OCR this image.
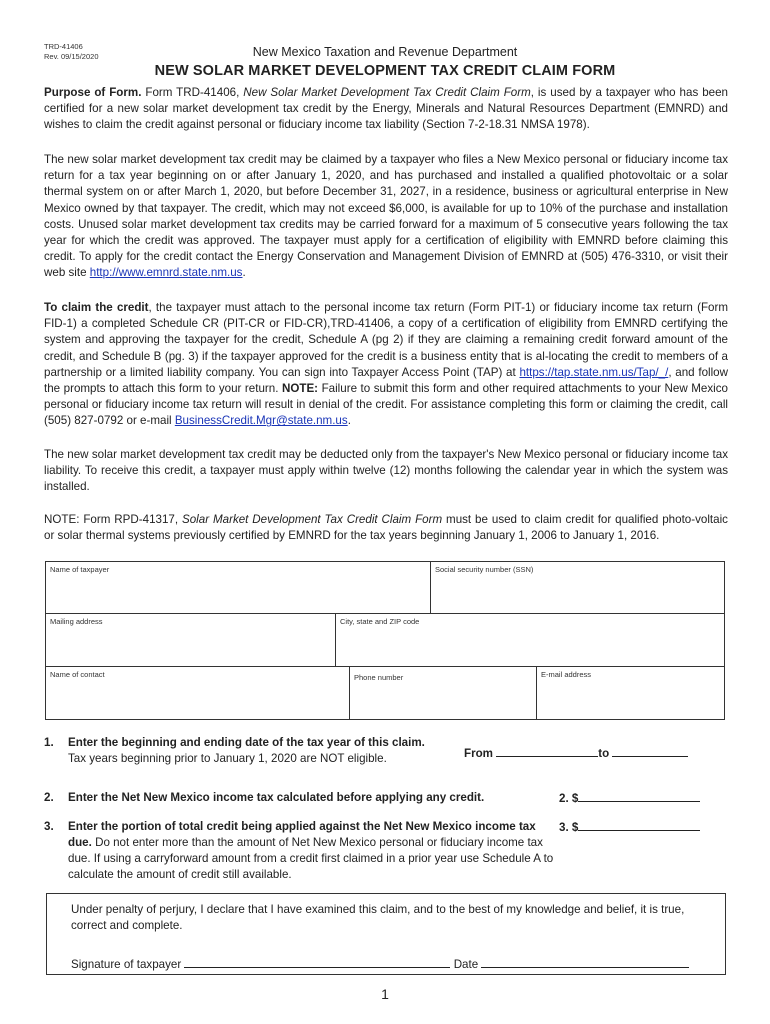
TRD-41406
Rev. 09/15/2020	New Mexico Taxation and Revenue Department
NEW SOLAR MARKET DEVELOPMENT TAX CREDIT CLAIM FORM
Purpose of Form. Form TRD-41406, New Solar Market Development Tax Credit Claim Form, is used by a taxpayer who has been certified for a new solar market development tax credit by the Energy, Minerals and Natural Resources Department (EMNRD) and wishes to claim the credit against personal or fiduciary income tax liability (Section 7-2-18.31 NMSA 1978).
The new solar market development tax credit may be claimed by a taxpayer who files a New Mexico personal or fiduciary income tax return for a tax year beginning on or after January 1, 2020, and has purchased and installed a qualified photovoltaic or a solar thermal system on or after March 1, 2020, but before December 31, 2027, in a residence, business or agricultural enterprise in New Mexico owned by that taxpayer. The credit, which may not exceed $6,000, is available for up to 10% of the purchase and installation costs. Unused solar market development tax credits may be carried forward for a maximum of 5 consecutive years following the tax year for which the credit was approved. The taxpayer must apply for a certification of eligibility with EMNRD before claiming this credit. To apply for the credit contact the Energy Conservation and Management Division of EMNRD at (505) 476-3310, or visit their web site http://www.emnrd.state.nm.us.
To claim the credit, the taxpayer must attach to the personal income tax return (Form PIT-1) or fiduciary income tax return (Form FID-1) a completed Schedule CR (PIT-CR or FID-CR),TRD-41406, a copy of a certification of eligibility from EMNRD certifying the system and approving the taxpayer for the credit, Schedule A (pg 2) if they are claiming a remaining credit forward amount of the credit, and Schedule B (pg. 3) if the taxpayer approved for the credit is a business entity that is al-locating the credit to members of a partnership or a limited liability company. You can sign into Taxpayer Access Point (TAP) at https://tap.state.nm.us/Tap/_/, and follow the prompts to attach this form to your return. NOTE: Failure to submit this form and other required attachments to your New Mexico personal or fiduciary income tax return will result in denial of the credit. For assistance completing this form or claiming the credit, call (505) 827-0792 or e-mail BusinessCredit.Mgr@state.nm.us.
The new solar market development tax credit may be deducted only from the taxpayer's New Mexico personal or fiduciary income tax liability. To receive this credit, a taxpayer must apply within twelve (12) months following the calendar year in which the system was installed.
NOTE: Form RPD-41317, Solar Market Development Tax Credit Claim Form must be used to claim credit for qualified photo-voltaic or solar thermal systems previously certified by EMNRD for the tax years beginning January 1, 2006 to January 1, 2016.
Name of taxpayer	Social security number (SSN)
Mailing address	City, state and ZIP code
Name of contact	Phone number	E-mail address
1. Enter the beginning and ending date of the tax year of this claim.
Tax years beginning prior to January 1, 2020 are NOT eligible.	From	to
2. Enter the Net New Mexico income tax calculated before applying any credit.	2. $
3. Enter the portion of total credit being applied against the Net New Mexico income tax due. Do not enter more than the amount of Net New Mexico personal or fiduciary income tax due. If using a carryforward amount from a credit first claimed in a prior year use Schedule A to calculate the amount of credit still available.
3. $
Under penalty of perjury, I declare that I have examined this claim, and to the best of my knowledge and belief, it is true, correct and complete.
Signature of taxpayer	Date
1
